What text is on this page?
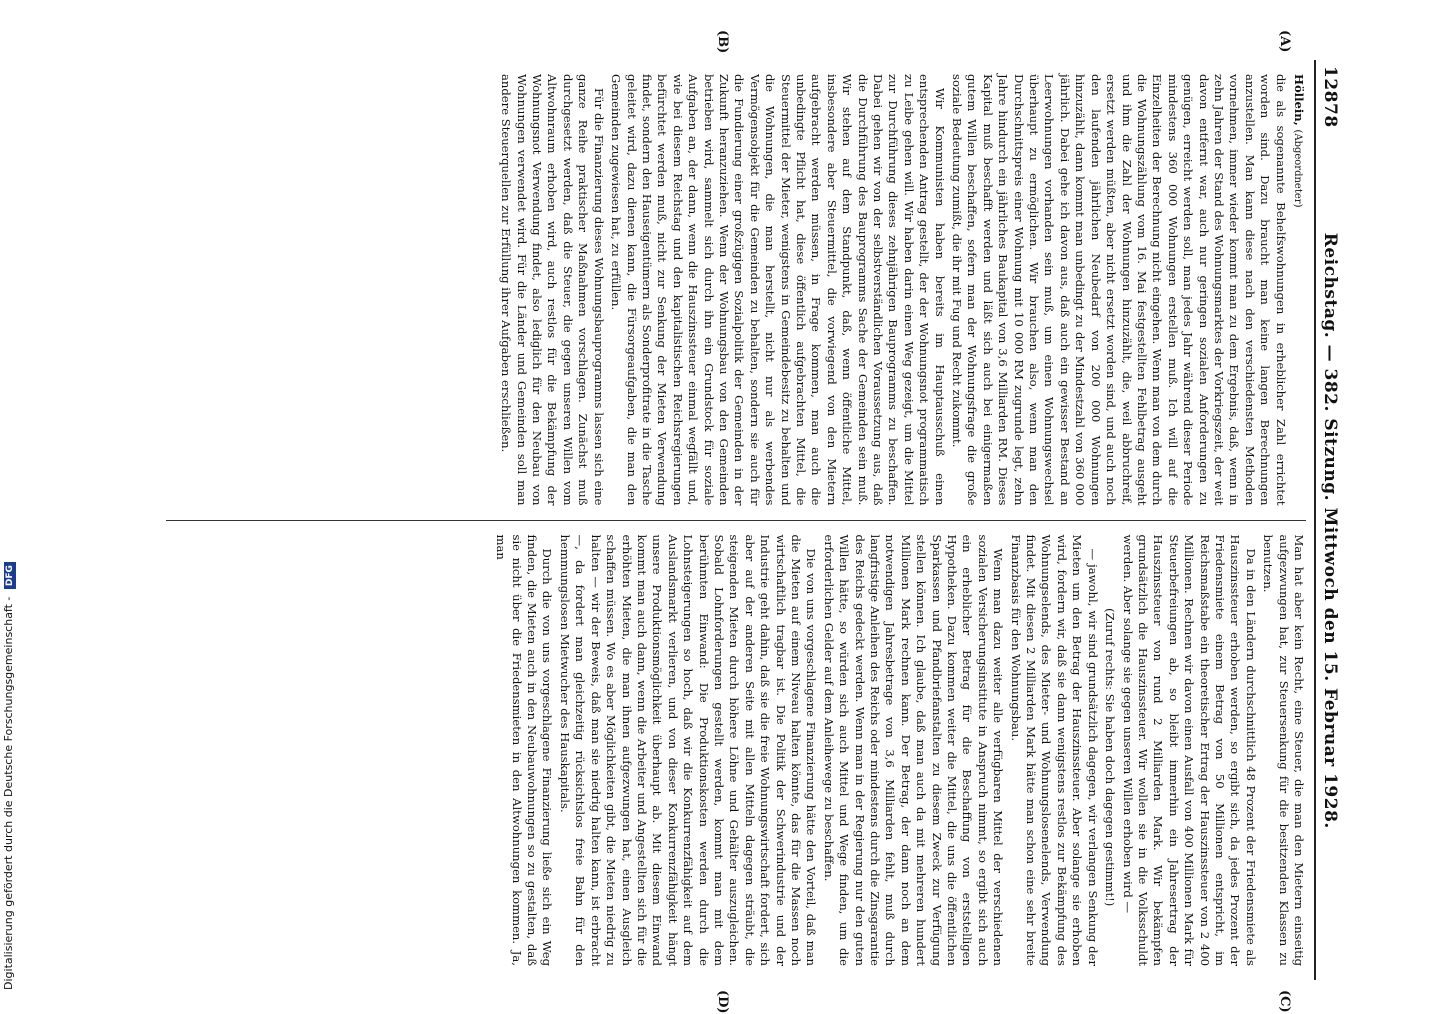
Digitalisierung gefördert durch die Deutsche Forschungsgemeinschaft - DFG
12878
Reichstag. — 382. Sitzung. Mittwoch den 15. Februar 1928.

Höllein, (Abgeordneter)

die als sogenannte Behelfswohnungen in erheblicher Zahl errichtet worden sind. Dazu braucht man keine langen Berechnungen anzustellen. Man kann diese nach den verschiedensten Methoden vornehmen, immer wieder kommt man zu dem Ergebnis, daß, wenn in zehn Jahren der Stand des Wohnungsmarktes der Vorkriegszeit, der weit davon entfernt war, auch nur geringen sozialen Anforderungen zu genügen, erreicht werden soll, man jedes Jahr während dieser Periode mindestens 360 000 Wohnungen erstellen muß. Ich will auf die Einzelheiten der Berechnung nicht eingehen. Wenn man von dem durch die Wohnungszählung vom 16. Mai festgestellten Fehlbetrag ausgeht und ihm die Zahl der Wohnungen hinzuzählt, die, weil abbruchreif, ersetzt werden müßten, aber nicht ersetzt worden sind, und auch noch den laufenden jährlichen Neubedarf von 200 000 Wohnungen hinzuzählt, dann kommt man unbedingt zu der Mindestzahl von 360 000 jährlich. Dabei gehe ich davon aus, daß auch ein gewisser Bestand an Leerwohnungen vorhanden sein muß, um einen Wohnungswechsel überhaupt zu ermöglichen. Wir brauchen also, wenn man den Durchschnittspreis einer Wohnung mit 10 000 RM zugrunde legt, zehn Jahre hindurch ein jährliches Baukapital von 3,6 Milliarden RM. Dieses Kapital muß beschafft werden und läßt sich auch bei einigermaßen gutem Willen beschaffen, sofern man der Wohnungsfrage die große soziale Bedeutung zumißt, die ihr mit Fug und Recht zukommt.

Wir Kommunisten haben bereits im Hauptausschuß einen entsprechenden Antrag gestellt, der der Wohnungsnot programmatisch zu Leibe gehen will. Wir haben darin einen Weg gezeigt, um die Mittel zur Durchführung dieses zehnjährigen Bauprogramms zu beschaffen. Dabei gehen wir von der selbstverständlichen Voraussetzung aus, daß die Durchführung des Bauprogramms Sache der Gemeinden sein muß. Wir stehen auf dem Standpunkt, daß, wenn öffentliche Mittel, insbesondere aber Steuermittel, die vorwiegend von den Mietern aufgebracht werden müssen, in Frage kommen, man auch die unbedingte Pflicht hat, diese öffentlich aufgebrachten Mittel, die Steuermittel der Mieter, wenigstens in Gemeindebesitz zu behalten und die Wohnungen, die man herstellt, nicht nur als werbendes Vermögensobjekt für die Gemeinden zu behalten, sondern sie auch für die Fundierung einer großzügigen Sozialpolitik der Gemeinden in der Zukunft heranzuziehen. Wenn der Wohnungsbau von den Gemeinden betrieben wird, sammelt sich durch ihn ein Grundstock für soziale Aufgaben an, der dann, wenn die Hauszinssteuer einmal wegfällt und, wie bei diesem Reichstag und den kapitalistischen Reichsregierungen befürchtet werden muß, nicht zur Senkung der Mieten Verwendung findet, sondern den Hauseigentümern als Sonderprofitrate in die Tasche geleitet wird, dazu dienen kann, die Fürsorgeaufgaben, die man den Gemeinden zugewiesen hat, zu erfüllen.

Für die Finanzierung dieses Wohnungsbauprogramms lassen sich eine ganze Reihe praktischer Maßnahmen vorschlagen. Zunächst muß durchgesetzt werden, daß die Steuer, die gegen unseren Willen vom Altwohnraum erhoben wird, auch restlos für die Bekämpfung der Wohnungsnot Verwendung findet, also lediglich für den Neubau von Wohnungen verwendet wird. Für die Länder und Gemeinden soll man andere Steuerquellen zur Erfüllung ihrer Aufgaben erschließen.

Man hat aber kein Recht, eine Steuer, die man den Mietern einseitig aufgezwungen hat, zur Steuersenkung für die besitzenden Klassen zu benutzen.

Da in den Ländern durchschnittlich 48 Prozent der Friedensmiete als Hauszinssteuer erhoben werden, so ergibt sich, da jedes Prozent der Friedensmiete einem Betrag von 50 Millionen entspricht, im Reichsmaßstabe ein theoretischer Ertrag der Hauszinssteuer von 2 400 Millionen. Rechnen wir davon einen Ausfall von 400 Millionen Mark für Steuerbefreiungen ab, so bleibt immerhin ein Jahresertrag der Hauszinssteuer von rund 2 Milliarden Mark. Wir bekämpfen grundsätzlich die Hauszinssteuer. Wir wollen sie in die Volksschuldt werden. Aber solange sie gegen unseren Willen erhoben wird —

(Zuruf rechts: Sie haben doch dagegen gestimmt!)

— jawohl, wir sind grundsätzlich dagegen, wir verlangen Senkung der Mieten um den Betrag der Hauszinssteuer. Aber solange sie erhoben wird, fordern wir, daß sie dann wenigstens restlos zur Bekämpfung des Wohnungselends, des Mieter- und Wohnungslosenelends, Verwendung findet. Mit diesen 2 Milliarden Mark hätte man schon eine sehr breite Finanzbasis für den Wohnungsbau.

Wenn man dazu weiter alle verfügbaren Mittel der verschiedenen sozialen Versicherungsinstitute in Anspruch nimmt, so ergibt sich auch ein erheblicher Betrag für die Beschaffung von erststelligen Hypotheken. Dazu kommen weiter die Mittel, die uns die öffentlichen Sparkassen und Pfandbriefanstalten zu diesem Zweck zur Verfügung stellen können. Ich glaube, daß man auch da mit mehreren hundert Millionen Mark rechnen kann. Der Betrag, der dann noch an dem notwendigen Jahresbetrage von 3,6 Milliarden fehlt, muß durch langfristige Anleihen des Reichs oder mindestens durch die Zinsgarantie des Reichs gedeckt werden. Wenn man in der Regierung nur den guten Willen hätte, so würden sich auch Mittel und Wege finden, um die erforderlichen Gelder auf dem Anleihewege zu beschaffen.

Die von uns vorgeschlagene Finanzierung hätte den Vorteil, daß man die Mieten auf einem Niveau halten könnte, das für die Massen noch wirtschaftlich tragbar ist. Die Politik der Schwerindustrie und der Industrie geht dahin, daß sie die freie Wohnungswirtschaft fordert, sich aber auf der anderen Seite mit allen Mitteln dagegen sträubt, die steigenden Mieten durch höhere Löhne und Gehälter auszugleichen. Sobald Lohnforderungen gestellt werden, kommt man mit dem berühmten Einwand: Die Produktionskosten werden durch die Lohnsteigerungen so hoch, daß wir die Konkurrenzfähigkeit auf dem Auslandsmarkt verlieren, und von dieser Konkurrenzfähigkeit hängt unsere Produktionsmöglichkeit überhaupt ab. Mit diesem Einwand kommt man auch dann, wenn die Arbeiter und Angestellten sich für die erhöhten Mieten, die man ihnen aufgezwungen hat, einen Ausgleich schaffen müssen. Wo es aber Möglichkeiten gibt, die Mieten niedrig zu halten — wir der Beweis, daß man sie niedrig halten kann, ist erbracht —, da fordert man gleichzeitig rücksichtslos freie Bahn für den hemmungslosen Mietwucher des Hauskapitals.

Durch die von uns vorgeschlagene Finanzierung ließe sich ein Weg finden, die Mieten auch in den Neubauwohnungen so zu gestalten, daß sie nicht über die Friedensmieten in den Altwohnungen kommen. Ja, man

(A)
(B)
(C)
(D)
